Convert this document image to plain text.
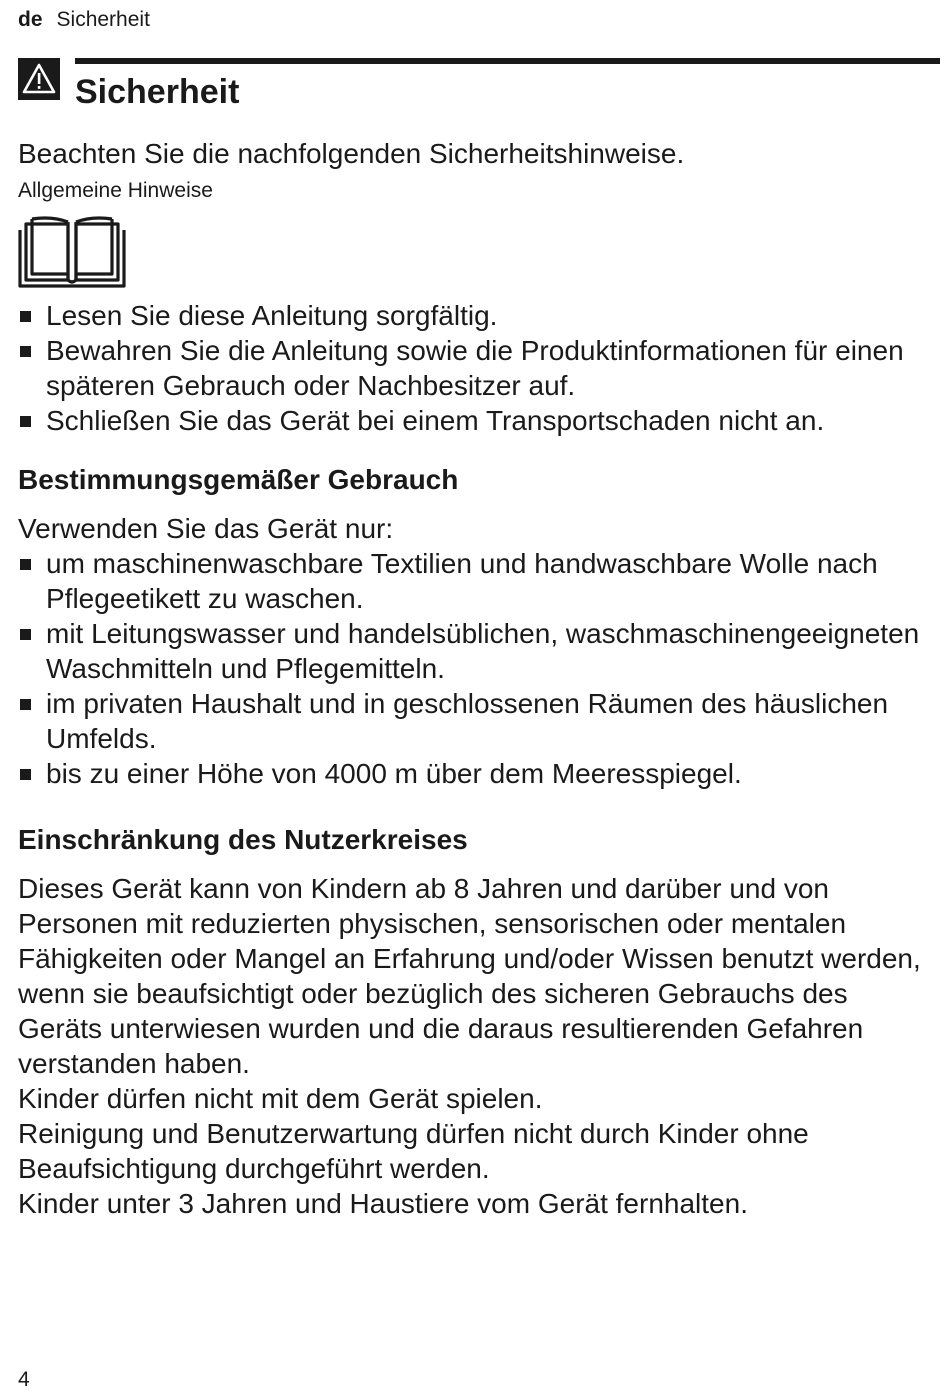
de Sicherheit
Sicherheit

Beachten Sie die nachfolgenden Sicherheitshinweise.

Allgemeine Hinweise

Lesen Sie diese Anleitung sorgfältig.
Bewahren Sie die Anleitung sowie die Produktinformationen für einen späteren Gebrauch oder Nachbesitzer auf.
Schließen Sie das Gerät bei einem Transportschaden nicht an.
Bestimmungsgemäßer Gebrauch

Verwenden Sie das Gerät nur:

um maschinenwaschbare Textilien und handwaschbare Wolle nach Pflegeetikett zu waschen.
mit Leitungswasser und handelsüblichen, waschmaschinengeeigneten Waschmitteln und Pflegemitteln.
im privaten Haushalt und in geschlossenen Räumen des häuslichen Umfelds.
bis zu einer Höhe von 4000 m über dem Meeresspiegel.
Einschränkung des Nutzerkreises

Dieses Gerät kann von Kindern ab 8 Jahren und darüber und von Personen mit reduzierten physischen, sensorischen oder mentalen Fähigkeiten oder Mangel an Erfahrung und/oder Wissen benutzt werden, wenn sie beaufsichtigt oder bezüglich des sicheren Gebrauchs des Geräts unterwiesen wurden und die daraus resultierenden Gefahren verstanden haben.

Kinder dürfen nicht mit dem Gerät spielen.

Reinigung und Benutzerwartung dürfen nicht durch Kinder ohne Beaufsichtigung durchgeführt werden.

Kinder unter 3 Jahren und Haustiere vom Gerät fernhalten.

4
